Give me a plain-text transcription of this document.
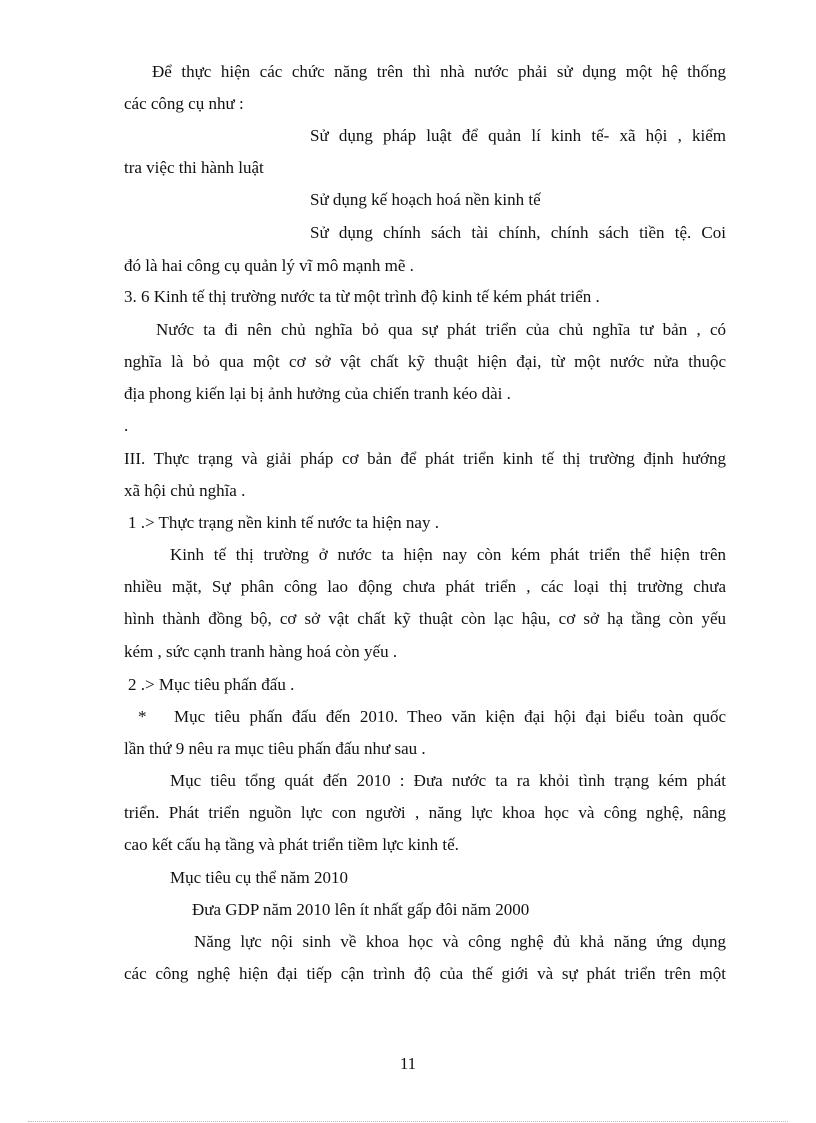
Để thực hiện các chức năng trên thì nhà nước phải sử dụng một hệ thống
các công cụ như :
Sử dụng pháp luật để quản lí kinh tế- xã hội , kiểm
tra việc thi hành luật
Sử dụng kế hoạch hoá nền kinh tế
Sử dụng chính sách tài chính, chính sách tiền tệ. Coi
đó là hai công cụ quản lý vĩ mô mạnh mẽ .
3. 6 Kinh tế thị trường nước ta từ một trình độ kinh tế kém phát triển .
Nước ta đi nên chủ nghĩa bỏ qua sự phát triển của chủ nghĩa tư bản , có
nghĩa là bỏ qua một cơ sở vật chất kỹ thuật hiện đại, từ một nước nửa thuộc
địa phong kiến lại bị ảnh hưởng của chiến tranh kéo dài .
.
III. Thực trạng và giải pháp cơ bản để phát triển kinh tế thị trường định hướng
xã hội chủ nghĩa .
1 .> Thực trạng nền kinh tế nước ta hiện nay .
Kinh tế thị trường ở nước ta hiện nay còn kém phát triển thể hiện trên
nhiều mặt, Sự phân công lao động chưa phát triển , các loại thị trường chưa
hình thành đồng bộ, cơ sở vật chất kỹ thuật còn lạc hậu, cơ sở hạ tầng còn yếu
kém , sức cạnh tranh hàng hoá còn yếu .
2 .> Mục tiêu phấn đấu .
* Mục tiêu phấn đấu đến 2010. Theo văn kiện đại hội đại biểu toàn quốc
lần thứ 9 nêu ra mục tiêu phấn đấu như sau .
Mục tiêu tổng quát đến 2010 : Đưa nước ta ra khỏi tình trạng kém phát
triển. Phát triển nguồn lực con người , năng lực khoa học và công nghệ, nâng
cao kết cấu hạ tầng và phát triển tiềm lực kinh tế.
Mục tiêu cụ thể năm 2010
Đưa GDP năm 2010 lên ít nhất gấp đôi năm 2000
Năng lực nội sinh về khoa học và công nghệ đủ khả năng ứng dụng
các công nghệ hiện đại tiếp cận trình độ của thế giới và sự phát triển trên một
11
